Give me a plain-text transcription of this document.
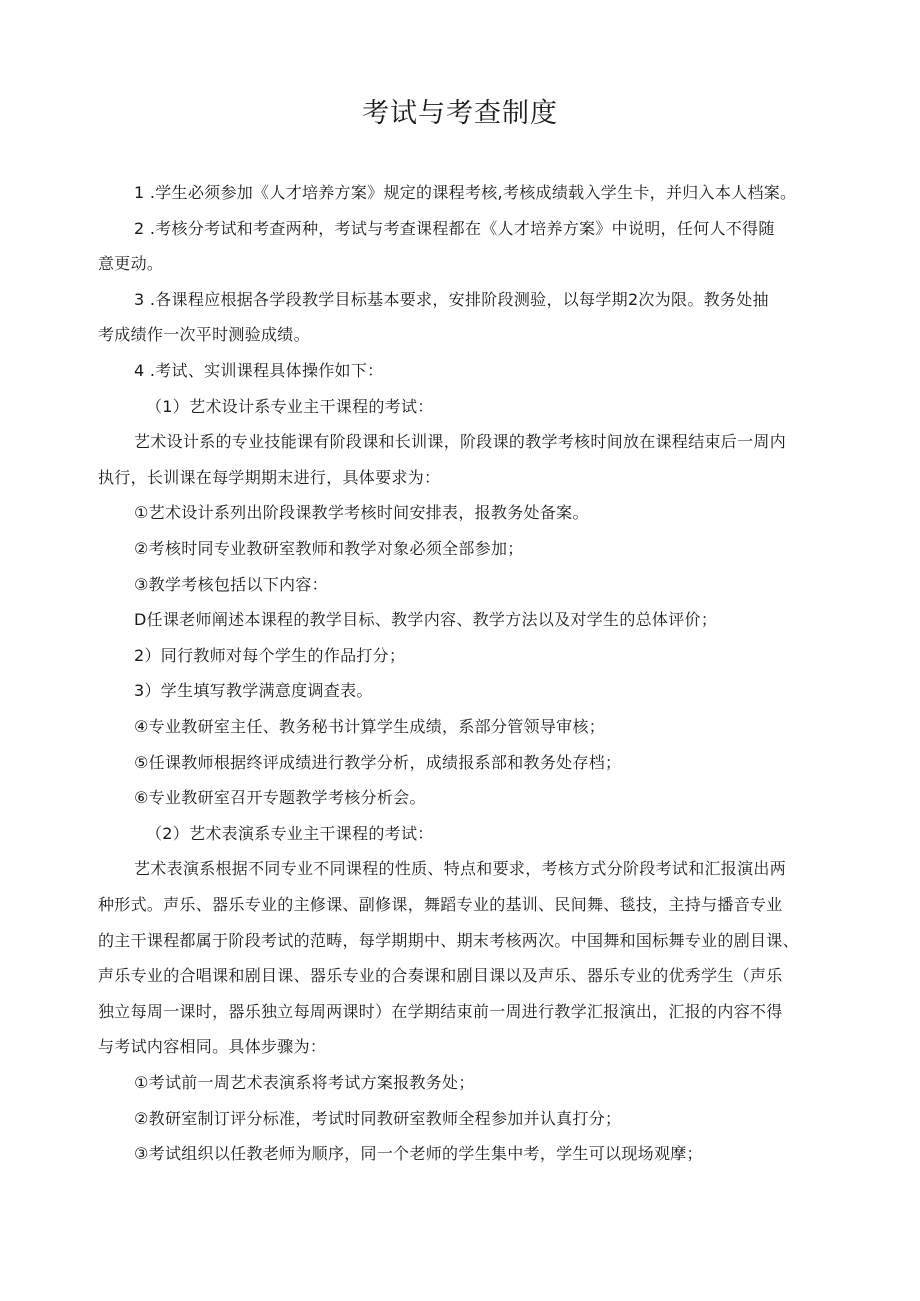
考试与考查制度
1 .学生必须参加《人才培养方案》规定的课程考核,考核成绩载入学生卡，并归入本人档案。
2 .考核分考试和考查两种，考试与考查课程都在《人才培养方案》中说明，任何人不得随
意更动。
3 .各课程应根据各学段教学目标基本要求，安排阶段测验，以每学期2次为限。教务处抽
考成绩作一次平时测验成绩。
4 .考试、实训课程具体操作如下：
（1）艺术设计系专业主干课程的考试：
艺术设计系的专业技能课有阶段课和长训课，阶段课的教学考核时间放在课程结束后一周内
执行，长训课在每学期期末进行，具体要求为：
①艺术设计系列出阶段课教学考核时间安排表，报教务处备案。
②考核时同专业教研室教师和教学对象必须全部参加；
③教学考核包括以下内容：
D任课老师阐述本课程的教学目标、教学内容、教学方法以及对学生的总体评价；
2）同行教师对每个学生的作品打分；
3）学生填写教学满意度调查表。
④专业教研室主任、教务秘书计算学生成绩，系部分管领导审核；
⑤任课教师根据终评成绩进行教学分析，成绩报系部和教务处存档；
⑥专业教研室召开专题教学考核分析会。
（2）艺术表演系专业主干课程的考试：
艺术表演系根据不同专业不同课程的性质、特点和要求，考核方式分阶段考试和汇报演出两
种形式。声乐、器乐专业的主修课、副修课，舞蹈专业的基训、民间舞、毯技，主持与播音专业
的主干课程都属于阶段考试的范畴，每学期期中、期末考核两次。中国舞和国标舞专业的剧目课、
声乐专业的合唱课和剧目课、器乐专业的合奏课和剧目课以及声乐、器乐专业的优秀学生（声乐
独立每周一课时，器乐独立每周两课时）在学期结束前一周进行教学汇报演出，汇报的内容不得
与考试内容相同。具体步骤为：
①考试前一周艺术表演系将考试方案报教务处；
②教研室制订评分标准，考试时同教研室教师全程参加并认真打分；
③考试组织以任教老师为顺序，同一个老师的学生集中考，学生可以现场观摩；
